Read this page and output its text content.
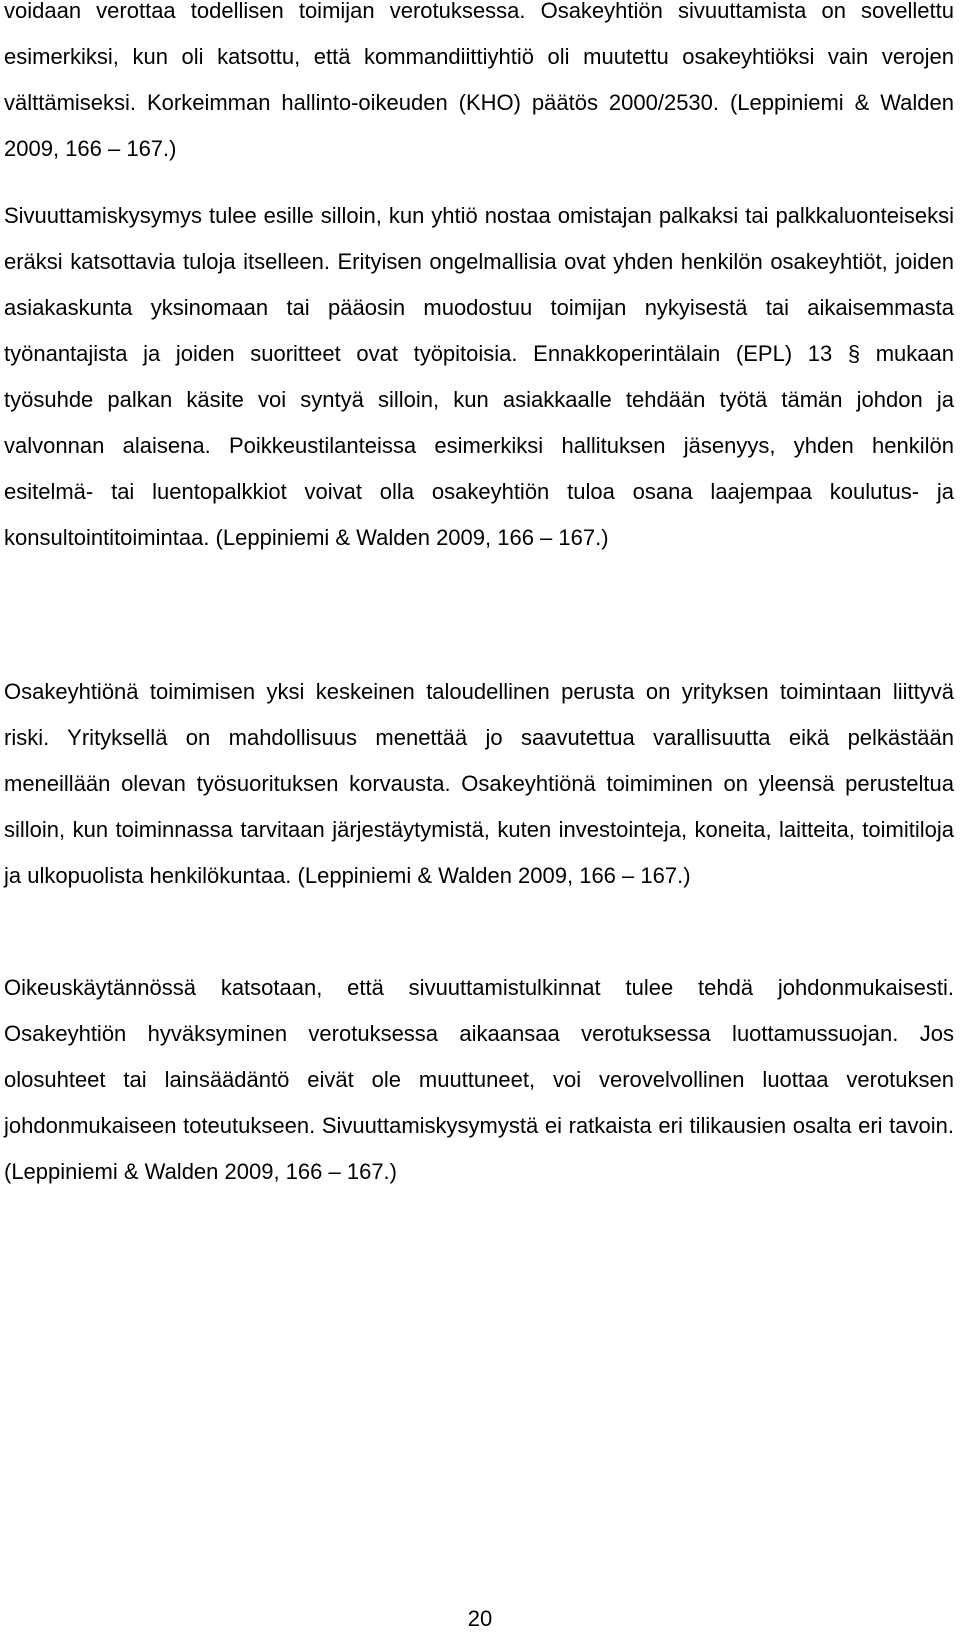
voidaan verottaa todellisen toimijan verotuksessa. Osakeyhtiön sivuuttamista on sovellettu esimerkiksi, kun oli katsottu, että kommandiittiyhtiö oli muutettu osakeyhtiöksi vain verojen välttämiseksi. Korkeimman hallinto-oikeuden (KHO) päätös 2000/2530. (Leppiniemi & Walden 2009, 166 – 167.)

Sivuuttamiskysymys tulee esille silloin, kun yhtiö nostaa omistajan palkaksi tai palkkaluonteiseksi eräksi katsottavia tuloja itselleen. Erityisen ongelmallisia ovat yhden henkilön osakeyhtiöt, joiden asiakaskunta yksinomaan tai pääosin muodostuu toimijan nykyisestä tai aikaisemmasta työnantajista ja joiden suoritteet ovat työpitoisia. Ennakkoperintälain (EPL) 13 § mukaan työsuhde palkan käsite voi syntyä silloin, kun asiakkaalle tehdään työtä tämän johdon ja valvonnan alaisena. Poikkeustilanteissa esimerkiksi hallituksen jäsenyys, yhden henkilön esitelmä- tai luentopalkkiot voivat olla osakeyhtiön tuloa osana laajempaa koulutus- ja konsultointitoimintaa. (Leppiniemi & Walden 2009, 166 – 167.)

Osakeyhtiönä toimimisen yksi keskeinen taloudellinen perusta on yrityksen toimintaan liittyvä riski. Yrityksellä on mahdollisuus menettää jo saavutettua varallisuutta eikä pelkästään meneillään olevan työsuorituksen korvausta. Osakeyhtiönä toimiminen on yleensä perusteltua silloin, kun toiminnassa tarvitaan järjestäytymistä, kuten investointeja, koneita, laitteita, toimitiloja ja ulkopuolista henkilökuntaa. (Leppiniemi & Walden 2009, 166 – 167.)

Oikeuskäytännössä katsotaan, että sivuuttamistulkinnat tulee tehdä johdonmukaisesti. Osakeyhtiön hyväksyminen verotuksessa aikaansaa verotuksessa luottamussuojan. Jos olosuhteet tai lainsäädäntö eivät ole muuttuneet, voi verovelvollinen luottaa verotuksen johdonmukaiseen toteutukseen. Sivuuttamiskysymystä ei ratkaista eri tilikausien osalta eri tavoin. (Leppiniemi & Walden 2009, 166 – 167.)

20
